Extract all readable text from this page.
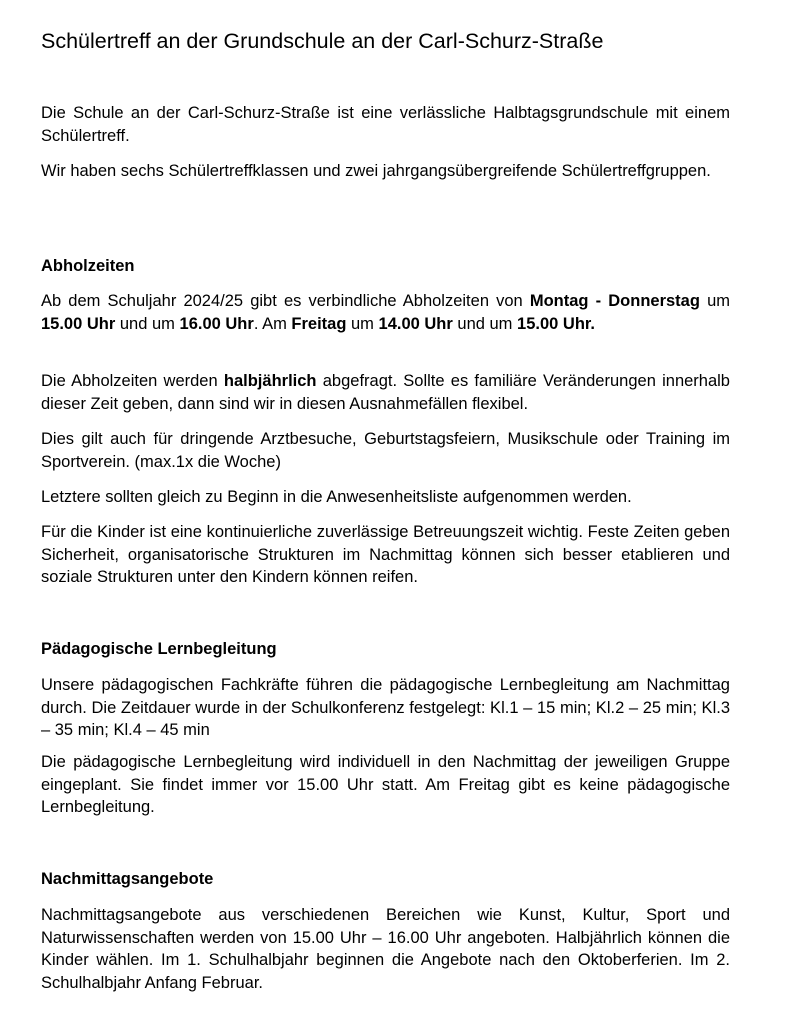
Schülertreff an der Grundschule an der Carl-Schurz-Straße

Die Schule an der Carl-Schurz-Straße ist eine verlässliche Halbtagsgrundschule mit einem Schülertreff.

Wir haben sechs Schülertreffklassen und zwei jahrgangsübergreifende Schülertreffgruppen.

Abholzeiten

Ab dem Schuljahr 2024/25 gibt es verbindliche Abholzeiten von Montag - Donnerstag um 15.00 Uhr und um 16.00 Uhr. Am Freitag um 14.00 Uhr und um 15.00 Uhr.

Die Abholzeiten werden halbjährlich abgefragt. Sollte es familiäre Veränderungen innerhalb dieser Zeit geben, dann sind wir in diesen Ausnahmefällen flexibel.

Dies gilt auch für dringende Arztbesuche, Geburtstagsfeiern, Musikschule oder Training im Sportverein. (max.1x die Woche)

Letztere sollten gleich zu Beginn in die Anwesenheitsliste aufgenommen werden.

Für die Kinder ist eine kontinuierliche zuverlässige Betreuungszeit wichtig. Feste Zeiten geben Sicherheit, organisatorische Strukturen im Nachmittag können sich besser etablieren und soziale Strukturen unter den Kindern können reifen.

Pädagogische Lernbegleitung

Unsere pädagogischen Fachkräfte führen die pädagogische Lernbegleitung am Nachmittag durch. Die Zeitdauer wurde in der Schulkonferenz festgelegt: Kl.1 – 15 min; Kl.2 – 25 min; Kl.3 – 35 min; Kl.4 – 45 min

Die pädagogische Lernbegleitung wird individuell in den Nachmittag der jeweiligen Gruppe eingeplant. Sie findet immer vor 15.00 Uhr statt. Am Freitag gibt es keine pädagogische Lernbegleitung.

Nachmittagsangebote

Nachmittagsangebote aus verschiedenen Bereichen wie Kunst, Kultur, Sport und Naturwissenschaften werden von 15.00 Uhr – 16.00 Uhr angeboten. Halbjährlich können die Kinder wählen. Im 1. Schulhalbjahr beginnen die Angebote nach den Oktoberferien. Im 2. Schulhalbjahr Anfang Februar.
